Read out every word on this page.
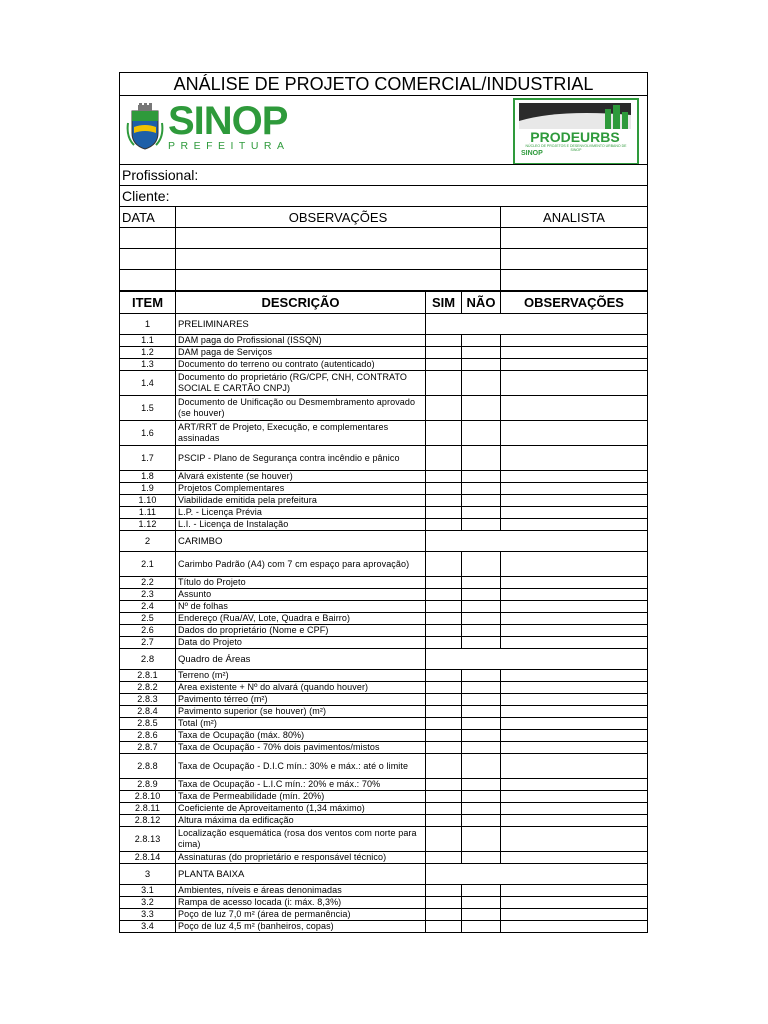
ANÁLISE DE PROJETO COMERCIAL/INDUSTRIAL				

SINOP
PREFEITURA
PRODEURBS
NÚCLEO DE PROJETOS E DESENVOLVIMENTO URBANO DE SINOP
SINOP				

Profissional:				
Cliente:				
DATA	OBSERVAÇÕES			ANALISTA

ITEM	DESCRIÇÃO	SIM	NÃO	OBSERVAÇÕES
1	PRELIMINARES			
1.1	DAM paga do Profissional (ISSQN)			
1.2	DAM paga de Serviços			
1.3	Documento do terreno ou contrato (autenticado)			
1.4	Documento do proprietário (RG/CPF, CNH, CONTRATO SOCIAL E CARTÃO CNPJ)			
1.5	Documento de Unificação ou Desmembramento aprovado (se houver)			
1.6	ART/RRT de Projeto, Execução, e complementares assinadas			
1.7	PSCIP - Plano de Segurança contra incêndio e pânico			
1.8	Alvará existente (se houver)			
1.9	Projetos Complementares			
1.10	Viabilidade emitida pela prefeitura			
1.11	L.P. - Licença Prévia			
1.12	L.I. - Licença de Instalação			
2	CARIMBO			
2.1	Carimbo Padrão (A4) com 7 cm espaço para aprovação)			
2.2	Título do Projeto			
2.3	Assunto			
2.4	Nº de folhas			
2.5	Endereço (Rua/AV, Lote, Quadra e Bairro)			
2.6	Dados do proprietário (Nome e CPF)			
2.7	Data do Projeto			
2.8	Quadro de Áreas			
2.8.1	Terreno (m²)			
2.8.2	Area existente + Nº do alvará (quando houver)			
2.8.3	Pavimento térreo (m²)			
2.8.4	Pavimento superior (se houver) (m²)			
2.8.5	Total (m²)			
2.8.6	Taxa de Ocupação (máx. 80%)			
2.8.7	Taxa de Ocupação - 70% dois pavimentos/mistos			
2.8.8	Taxa de Ocupação - D.I.C mín.: 30% e máx.: até o limite			
2.8.9	Taxa de Ocupação - L.I.C mín.: 20% e máx.: 70%			
2.8.10	Taxa de Permeabilidade (mín. 20%)			
2.8.11	Coeficiente de Aproveitamento (1,34 máximo)			
2.8.12	Altura máxima da edificação			
2.8.13	Localização esquemática (rosa dos ventos com norte para cima)			
2.8.14	Assinaturas (do proprietário e responsável técnico)			
3	PLANTA BAIXA			
3.1	Ambientes, níveis e áreas denonimadas			
3.2	Rampa de acesso locada (i: máx. 8,3%)			
3.3	Poço de luz 7,0 m² (área de permanência)			
3.4	Poço de luz 4,5 m² (banheiros, copas)			
